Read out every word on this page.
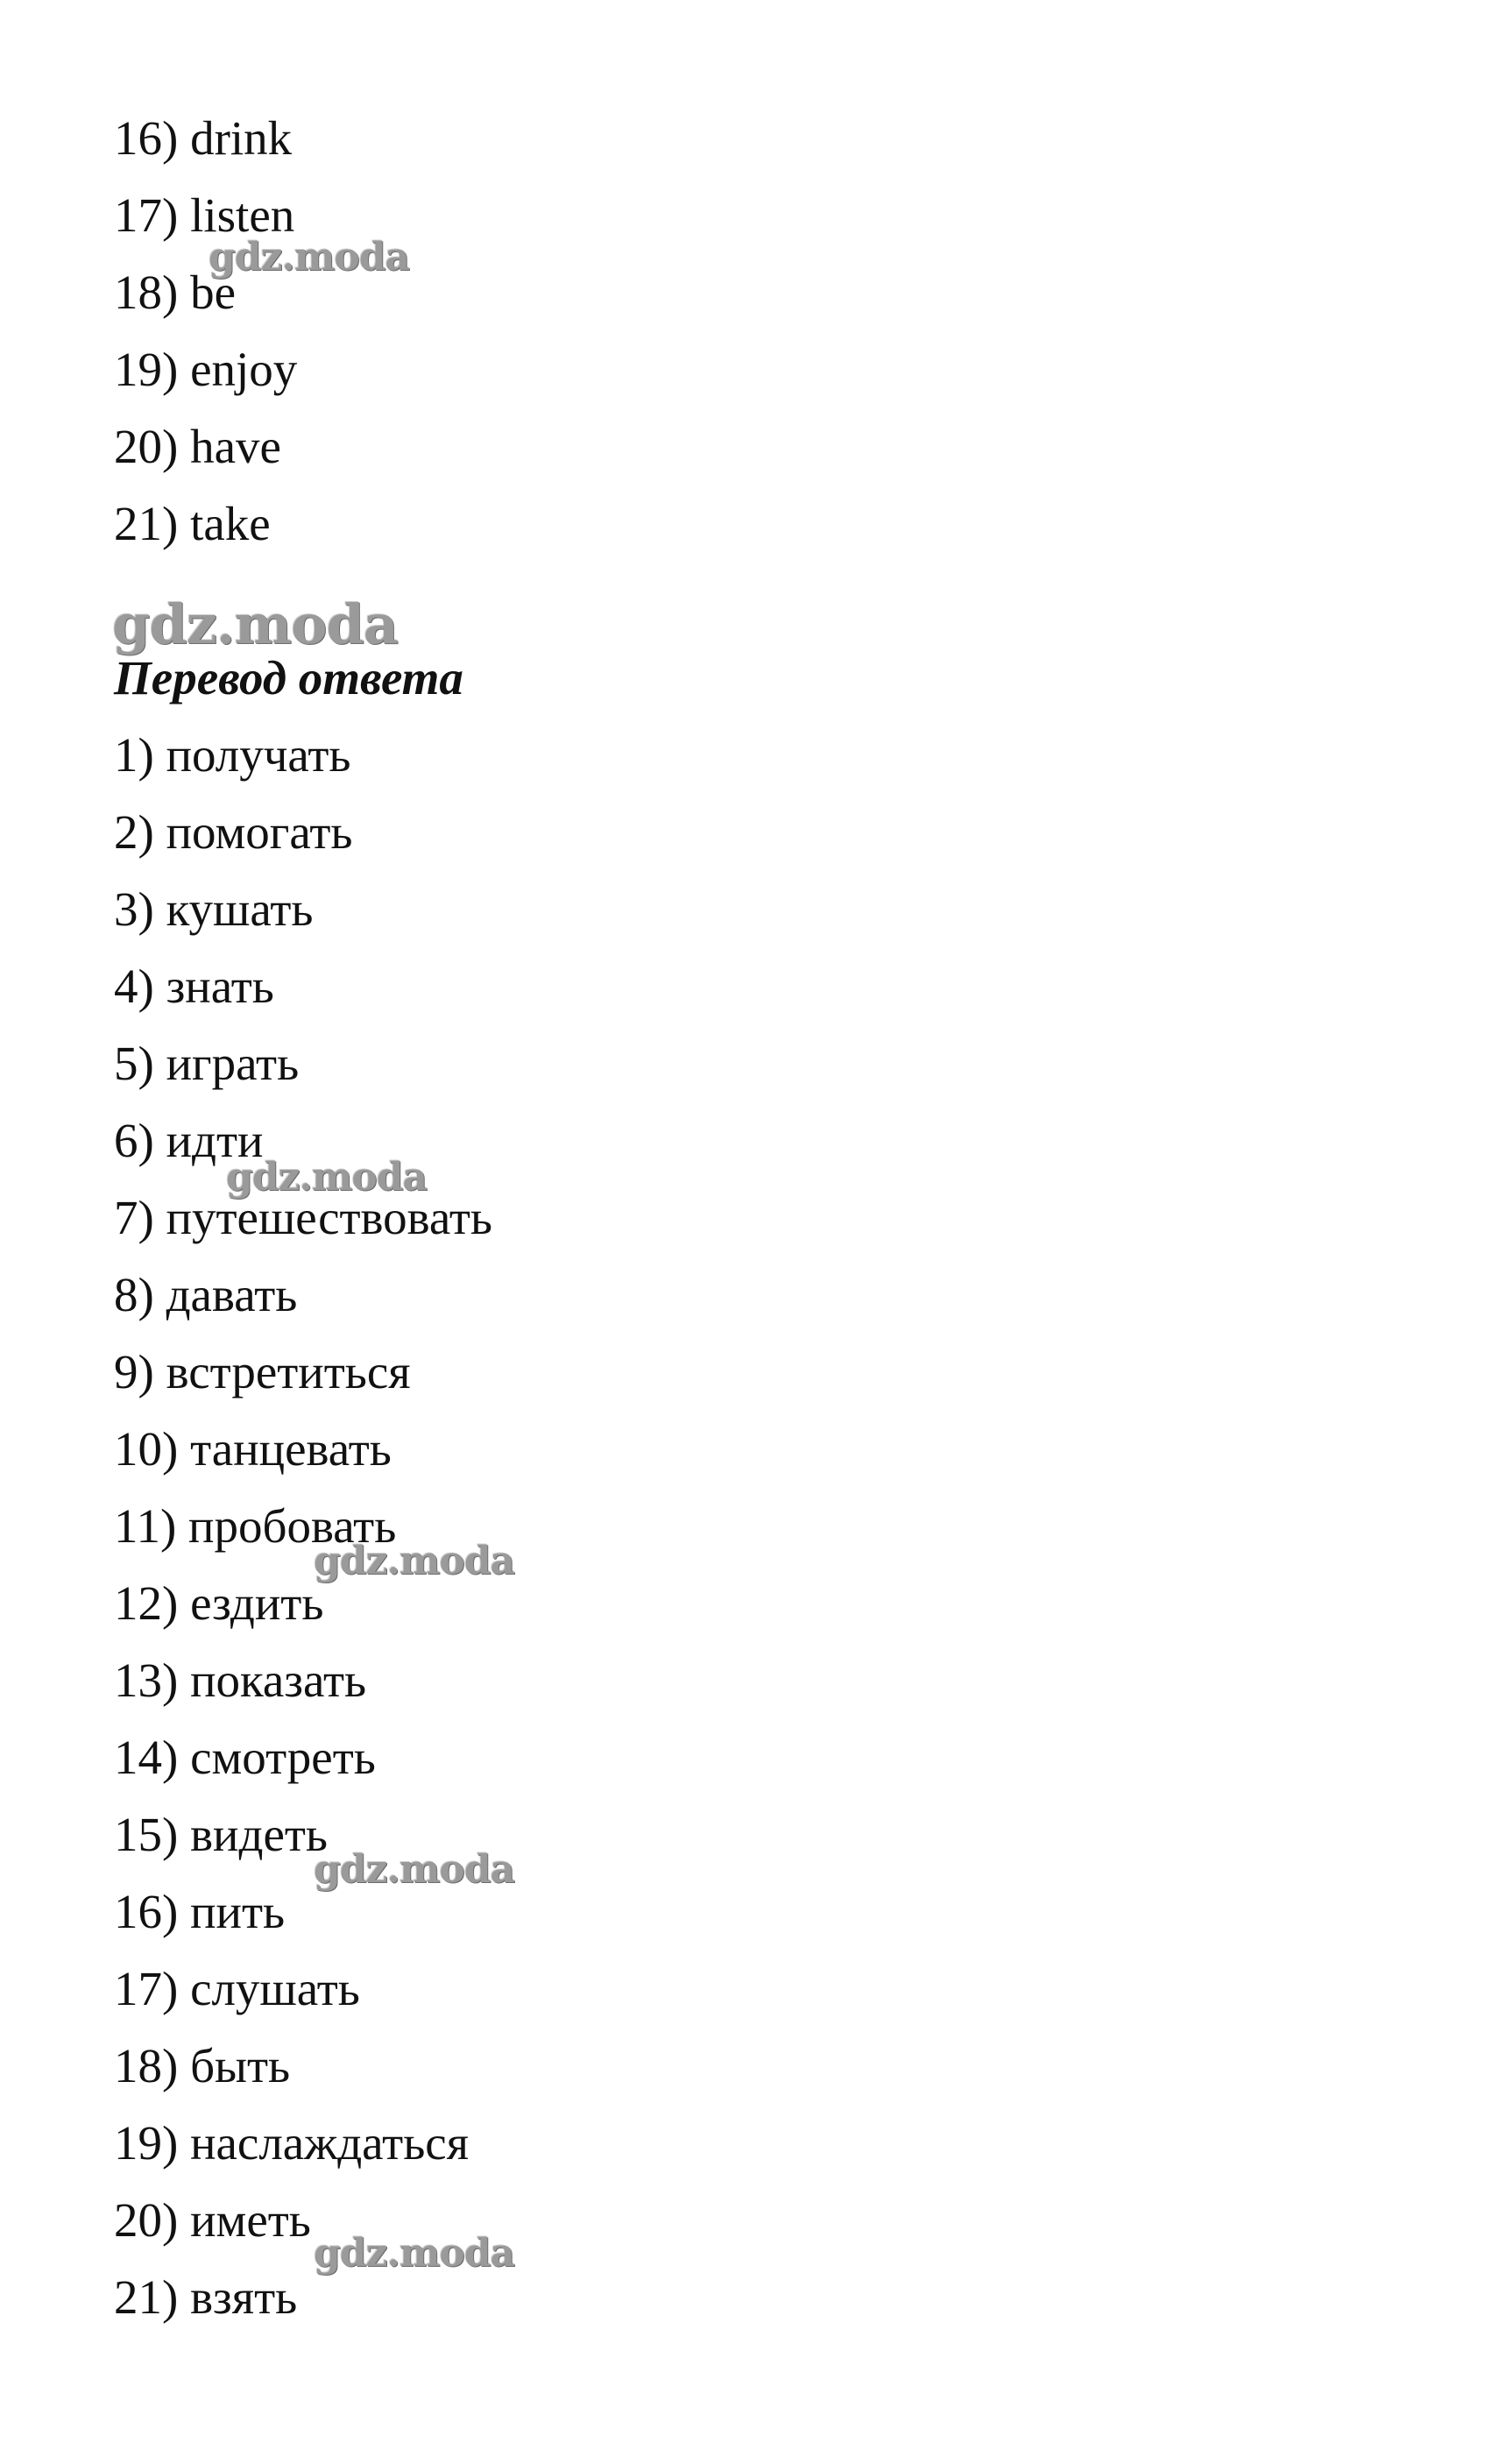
16) drink
17) listen
18) be
19) enjoy
20) have
21) take
Перевод ответа
1) получать
2) помогать
3) кушать
4) знать
5) играть
6) идти
7) путешествовать
8) давать
9) встретиться
10) танцевать
11) пробовать
12) ездить
13) показать
14) смотреть
15) видеть
16) пить
17) слушать
18) быть
19) наслаждаться
20) иметь
21) взять
gdz.moda
gdz.moda
gdz.moda
gdz.moda
gdz.moda
gdz.moda
